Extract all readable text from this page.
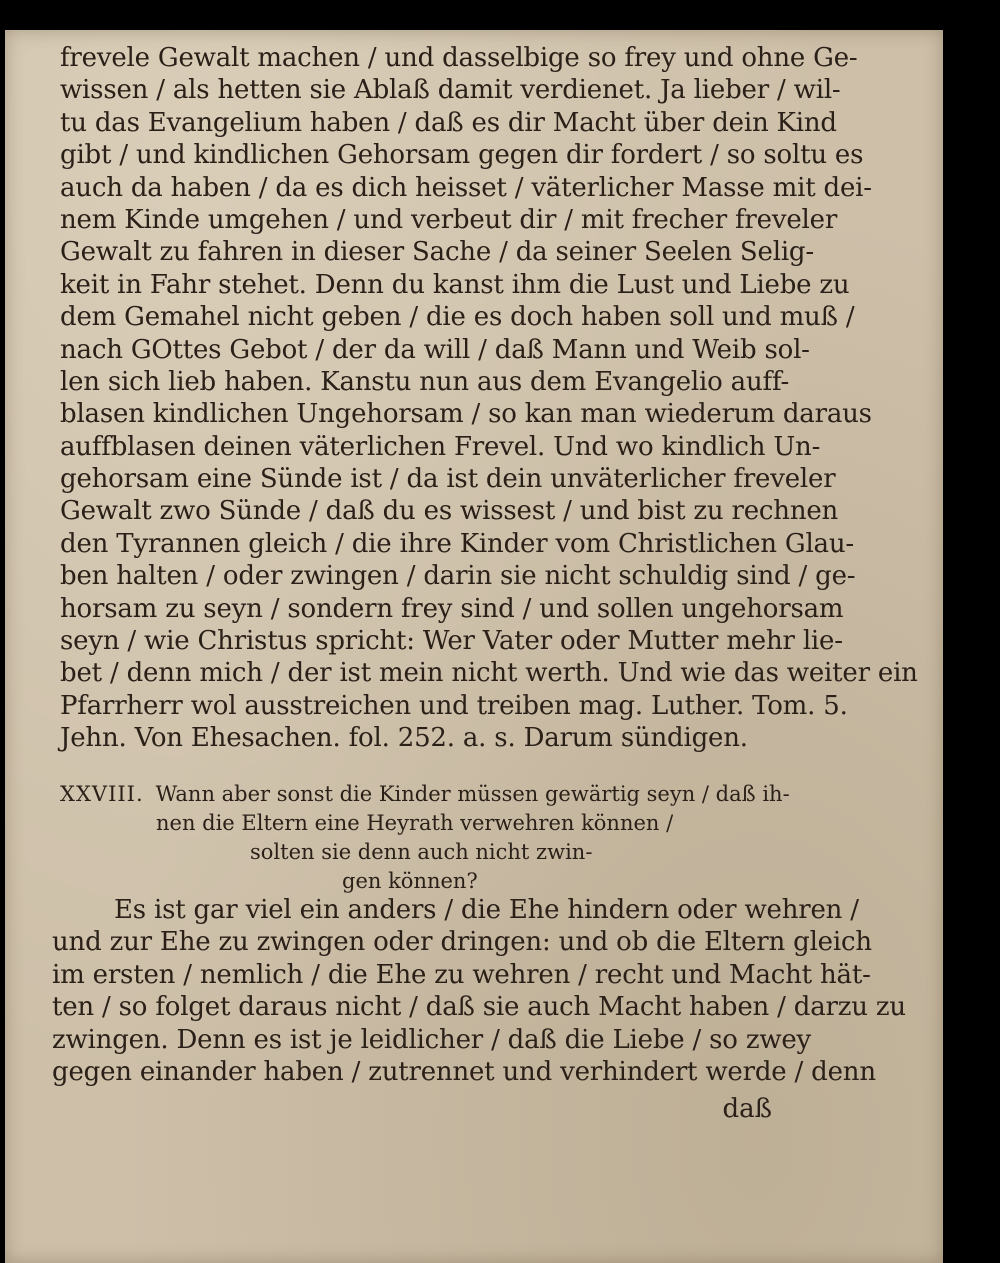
frevele Gewalt machen / und dasselbige so frey und ohne Ge-
wissen / als hetten sie Ablaß damit verdienet. Ja lieber / wil-
tu das Evangelium haben / daß es dir Macht über dein Kind
gibt / und kindlichen Gehorsam gegen dir fordert / so soltu es
auch da haben / da es dich heisset / väterlicher Masse mit dei-
nem Kinde umgehen / und verbeut dir / mit frecher freveler
Gewalt zu fahren in dieser Sache / da seiner Seelen Selig-
keit in Fahr stehet. Denn du kanst ihm die Lust und Liebe zu
dem Gemahel nicht geben / die es doch haben soll und muß /
nach GOttes Gebot / der da will / daß Mann und Weib sol-
len sich lieb haben. Kanstu nun aus dem Evangelio auff-
blasen kindlichen Ungehorsam / so kan man wiederum daraus
auffblasen deinen väterlichen Frevel. Und wo kindlich Un-
gehorsam eine Sünde ist / da ist dein unväterlicher freveler
Gewalt zwo Sünde / daß du es wissest / und bist zu rechnen
den Tyrannen gleich / die ihre Kinder vom Christlichen Glau-
ben halten / oder zwingen / darin sie nicht schuldig sind / ge-
horsam zu seyn / sondern frey sind / und sollen ungehorsam
seyn / wie Christus spricht: Wer Vater oder Mutter mehr lie-
bet / denn mich / der ist mein nicht werth. Und wie das weiter ein
Pfarrherr wol ausstreichen und treiben mag. Luther. Tom. 5.
Jehn. Von Ehesachen. fol. 252. a. s. Darum sündigen.
XXVIII. Wann aber sonst die Kinder müssen gewärtig seyn / daß ih-
nen die Eltern eine Heyrath verwehren können /
solten sie denn auch nicht zwin-
gen können?
Es ist gar viel ein anders / die Ehe hindern oder wehren /
und zur Ehe zu zwingen oder dringen: und ob die Eltern gleich
im ersten / nemlich / die Ehe zu wehren / recht und Macht hät-
ten / so folget daraus nicht / daß sie auch Macht haben / darzu zu
zwingen. Denn es ist je leidlicher / daß die Liebe / so zwey
gegen einander haben / zutrennet und verhindert werde / denn
daß
